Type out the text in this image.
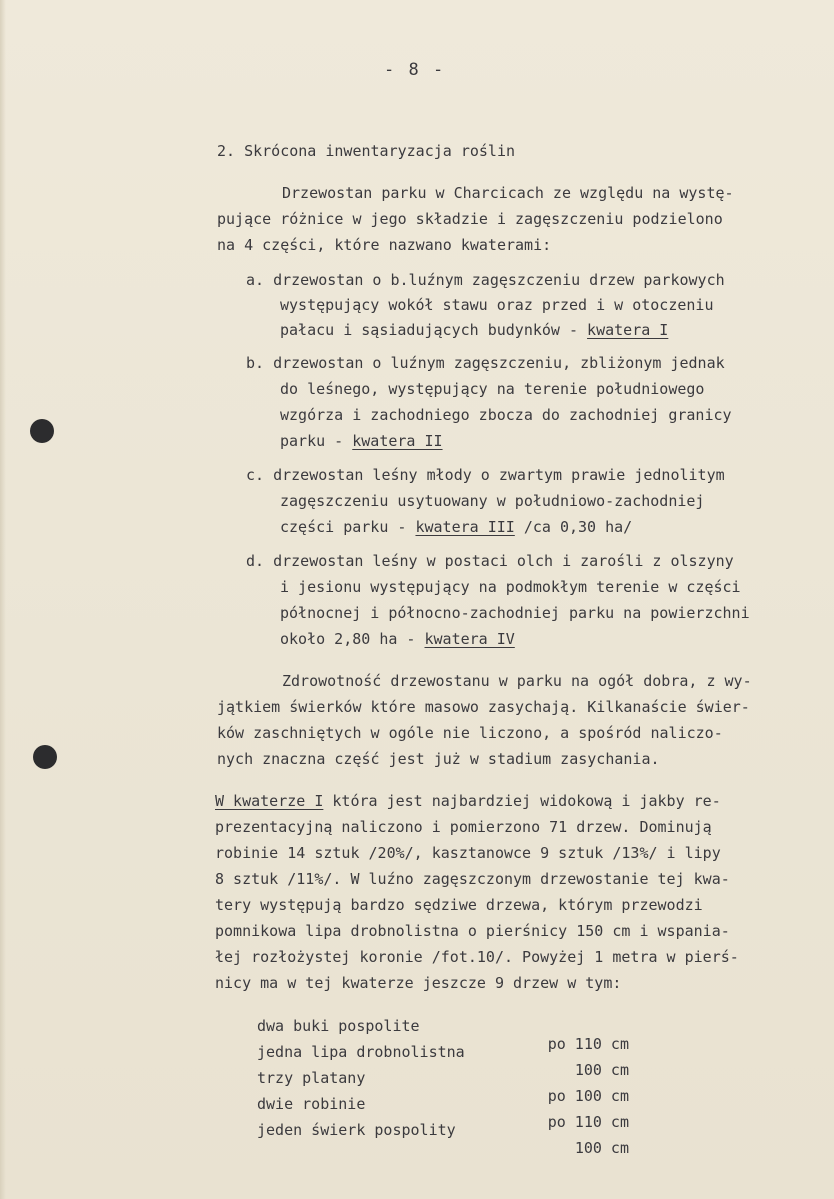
- 8 -
2. Skrócona inwentaryzacja roślin
Drzewostan parku w Charcicach ze względu na wystę-
pujące różnice w jego składzie i zagęszczeniu podzielono
na 4 części, które nazwano kwaterami:
a. drzewostan o b.luźnym zagęszczeniu drzew parkowych
występujący wokół stawu oraz przed i w otoczeniu
pałacu i sąsiadujących budynków - kwatera I
b. drzewostan o luźnym zagęszczeniu, zbliżonym jednak
do leśnego, występujący na terenie południowego
wzgórza i zachodniego zbocza do zachodniej granicy
parku - kwatera II
c. drzewostan leśny młody o zwartym prawie jednolitym
zagęszczeniu usytuowany w południowo-zachodniej
części parku - kwatera III /ca 0,30 ha/
d. drzewostan leśny w postaci olch i zarośli z olszyny
i jesionu występujący na podmokłym terenie w części
północnej i północno-zachodniej parku na powierzchni
około 2,80 ha - kwatera IV
Zdrowotność drzewostanu w parku na ogół dobra, z wy-
jątkiem świerków które masowo zasychają. Kilkanaście świer-
ków zaschniętych w ogóle nie liczono, a spośród naliczo-
nych znaczna część jest już w stadium zasychania.
W kwaterze I która jest najbardziej widokową i jakby re-
prezentacyjną naliczono i pomierzono 71 drzew. Dominują
robinie 14 sztuk /20%/, kasztanowce 9 sztuk /13%/ i lipy
8 sztuk /11%/. W luźno zagęszczonym drzewostanie tej kwa-
tery występują bardzo sędziwe drzewa, którym przewodzi
pomnikowa lipa drobnolistna o pierśnicy 150 cm i wspania-
łej rozłożystej koronie /fot.10/. Powyżej 1 metra w pierś-
nicy ma w tej kwaterze jeszcze 9 drzew w tym:

dwa buki pospolite

po 110 cm

jedna lipa drobnolistna

100 cm

trzy platany

po 100 cm

dwie robinie

po 110 cm

jeden świerk pospolity

100 cm
